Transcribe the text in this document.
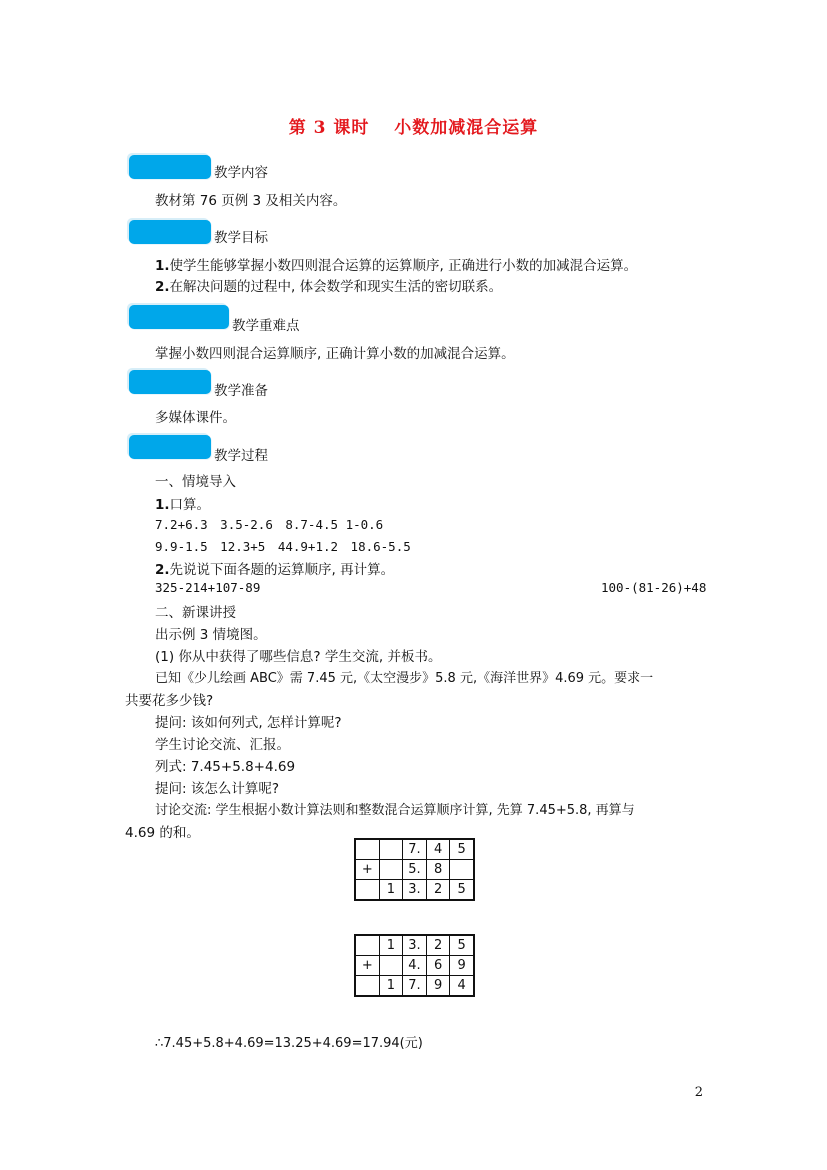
第 3 课时　 小数加减混合运算
教学内容
教材第 76 页例 3 及相关内容。
教学目标
1.使学生能够掌握小数四则混合运算的运算顺序, 正确进行小数的加减混合运算。
2.在解决问题的过程中, 体会数学和现实生活的密切联系。
教学重难点
掌握小数四则混合运算顺序, 正确计算小数的加减混合运算。
教学准备
多媒体课件。
教学过程
一、情境导入
1.口算。
7.2+6.3　3.5-2.6　8.7-4.5 1-0.6
9.9-1.5　12.3+5　44.9+1.2　18.6-5.5
2.先说说下面各题的运算顺序, 再计算。
325-214+107-89	100-(81-26)+48
二、新课讲授
出示例 3 情境图。
(1) 你从中获得了哪些信息? 学生交流, 并板书。
已知《少儿绘画 ABC》需 7.45 元,《太空漫步》5.8 元,《海洋世界》4.69 元。要求一
共要花多少钱?
提问: 该如何列式, 怎样计算呢?
学生讨论交流、汇报。
列式: 7.45+5.8+4.69
提问: 该怎么计算呢?
讨论交流: 学生根据小数计算法则和整数混合运算顺序计算, 先算 7.45+5.8, 再算与
4.69 的和。
		7.	4	5
+		5.	8	
	1	3.	2	5
	1	3.	2	5
+		4.	6	9
	1	7.	9	4
∴7.45+5.8+4.69=13.25+4.69=17.94(元)
2
